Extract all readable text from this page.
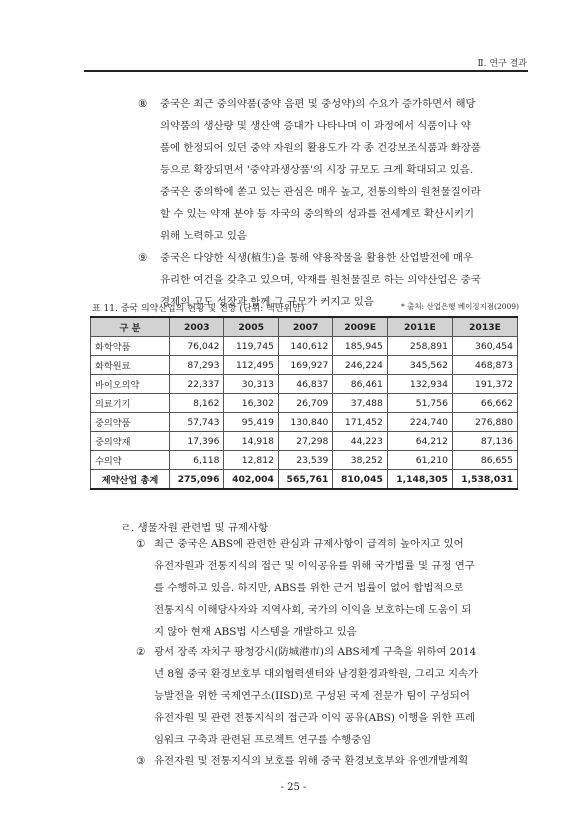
Ⅱ. 연구 결과
⑧ 중국은 최근 중의약품(중약 음편 및 중성약)의 수요가 증가하면서 해당
의약품의 생산량 및 생산액 증대가 나타나며 이 과정에서 식품이나 약
품에 한정되어 있던 중약 자원의 활용도가 각 종 건강보조식품과 화장품
등으로 확장되면서 '중약과생상품'의 시장 규모도 크게 확대되고 있음.
중국은 중의학에 쏟고 있는 관심은 매우 높고, 전통의학의 원천물질이라
할 수 있는 약재 분야 등 자국의 중의학의 성과를 전세계로 확산시키기
위해 노력하고 있음
⑨ 중국은 다양한 식생(植生)을 통해 약용작물을 활용한 산업발전에 매우
유리한 여건을 갖추고 있으며, 약재를 원천물질로 하는 의약산업은 중국
경제의 고도 성장과 함께 그 규모가 커지고 있음
표 11. 중국 의약산업의 현황 및 전망 (단위: 백만위안)	* 출처: 산업은행 베이징지점(2009)
구 분	2003	2005	2007	2009E	2011E	2013E
화학약품	76,042	119,745	140,612	185,945	258,891	360,454
화학원료	87,293	112,495	169,927	246,224	345,562	468,873
바이오의약	22,337	30,313	46,837	86,461	132,934	191,372
의료기기	8,162	16,302	26,709	37,488	51,756	66,662
중의약품	57,743	95,419	130,840	171,452	224,740	276,880
중의약재	17,396	14,918	27,298	44,223	64,212	87,136
수의약	6,118	12,812	23,539	38,252	61,210	86,655
제약산업 총계	275,096	402,004	565,761	810,045	1,148,305	1,538,031
ㄹ. 생물자원 관련법 및 규제사항
① 최근 중국은 ABS에 관련한 관심과 규제사항이 급격히 높아지고 있어
유전자원과 전통지식의 접근 및 이익공유를 위해 국가법률 및 규정 연구
를 수행하고 있음. 하지만, ABS를 위한 근거 법률이 없어 합법적으로
전통지식 이해당사자와 지역사회, 국가의 이익을 보호하는데 도움이 되
지 않아 현재 ABS법 시스템을 개발하고 있음
② 광서 장족 자치구 팡청강시(防城港市)의 ABS체계 구축을 위하여 2014
년 8월 중국 환경보호부 대외협력센터와 남경환경과학원, 그리고 지속가
능발전을 위한 국제연구소(IISD)로 구성된 국제 전문가 팀이 구성되어
유전자원 및 관련 전통지식의 접근과 이익 공유(ABS) 이행을 위한 프레
임워크 구축과 관련된 프로젝트 연구를 수행중임
③ 유전자원 및 전통지식의 보호를 위해 중국 환경보호부와 유엔개발계획
- 25 -
